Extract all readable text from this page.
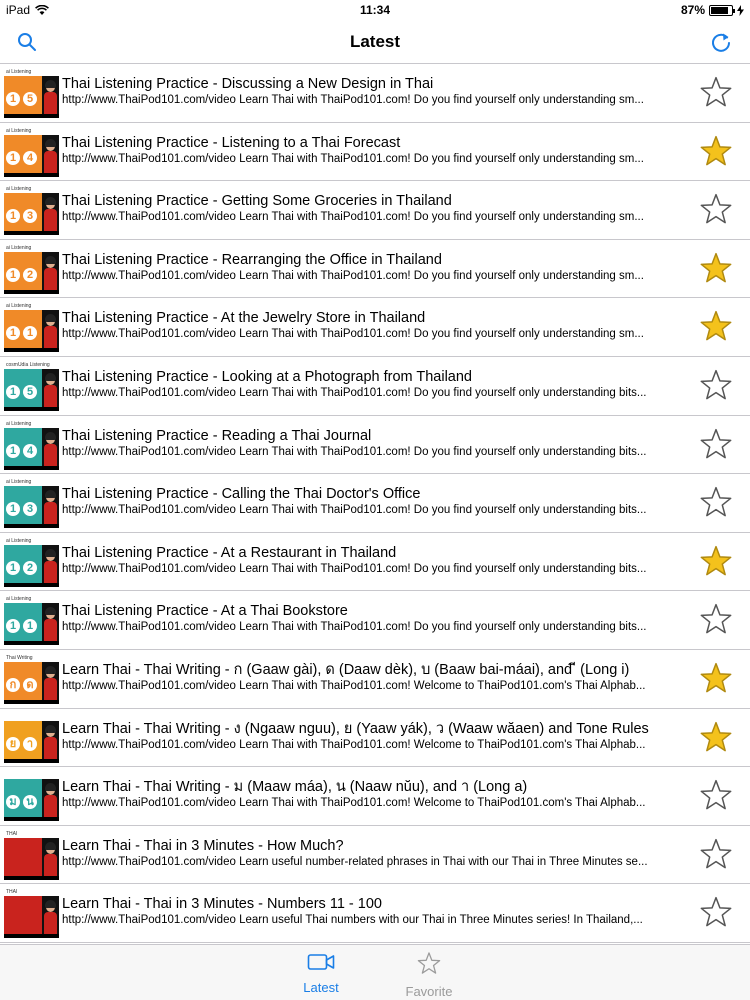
iPad	11:34	87%
Latest
ai Listening
1 5
Thai Listening Practice - Discussing a New Design in Thai
http://www.ThaiPod101.com/video Learn Thai with ThaiPod101.com! Do you find yourself only understanding sm...
ai Listening
1 4
Thai Listening Practice - Listening to a Thai Forecast
http://www.ThaiPod101.com/video Learn Thai with ThaiPod101.com! Do you find yourself only understanding sm...
ai Listening
1 3
Thai Listening Practice - Getting Some Groceries in Thailand
http://www.ThaiPod101.com/video Learn Thai with ThaiPod101.com! Do you find yourself only understanding sm...
ai Listening
1 2
Thai Listening Practice - Rearranging the Office in Thailand
http://www.ThaiPod101.com/video Learn Thai with ThaiPod101.com! Do you find yourself only understanding sm...
ai Listening
1 1
Thai Listening Practice - At the Jewelry Store in Thailand
http://www.ThaiPod101.com/video Learn Thai with ThaiPod101.com! Do you find yourself only understanding sm...
cosmUdia Listening
1 5
Thai Listening Practice - Looking at a Photograph from Thailand
http://www.ThaiPod101.com/video Learn Thai with ThaiPod101.com! Do you find yourself only understanding bits...
ai Listening
1 4
Thai Listening Practice - Reading a Thai Journal
http://www.ThaiPod101.com/video Learn Thai with ThaiPod101.com! Do you find yourself only understanding bits...
ai Listening
1 3
Thai Listening Practice - Calling the Thai Doctor's Office
http://www.ThaiPod101.com/video Learn Thai with ThaiPod101.com! Do you find yourself only understanding bits...
ai Listening
1 2
Thai Listening Practice - At a Restaurant in Thailand
http://www.ThaiPod101.com/video Learn Thai with ThaiPod101.com! Do you find yourself only understanding bits...
ai Listening
1 1
Thai Listening Practice - At a Thai Bookstore
http://www.ThaiPod101.com/video Learn Thai with ThaiPod101.com! Do you find yourself only understanding bits...
Thai Writing
ก ด
Learn Thai - Thai Writing - ก (Gaaw gài), ด (Daaw dèk), บ (Baaw bai-máai), and ี (Long i)
http://www.ThaiPod101.com/video Learn Thai with ThaiPod101.com! Welcome to ThaiPod101.com's Thai Alphab...
ย า
Learn Thai - Thai Writing - ง (Ngaaw nguu), ย (Yaaw yák), ว (Waaw wăaen) and Tone Rules
http://www.ThaiPod101.com/video Learn Thai with ThaiPod101.com! Welcome to ThaiPod101.com's Thai Alphab...
ม น
Learn Thai - Thai Writing - ม (Maaw máa), น (Naaw nŭu), and า (Long a)
http://www.ThaiPod101.com/video Learn Thai with ThaiPod101.com! Welcome to ThaiPod101.com's Thai Alphab...
THAI
Learn Thai - Thai in 3 Minutes - How Much?
http://www.ThaiPod101.com/video Learn useful number-related phrases in Thai with our Thai in Three Minutes se...
THAI
Learn Thai - Thai in 3 Minutes - Numbers 11 - 100
http://www.ThaiPod101.com/video Learn useful Thai numbers with our Thai in Three Minutes series! In Thailand,...
Latest	Favorite
